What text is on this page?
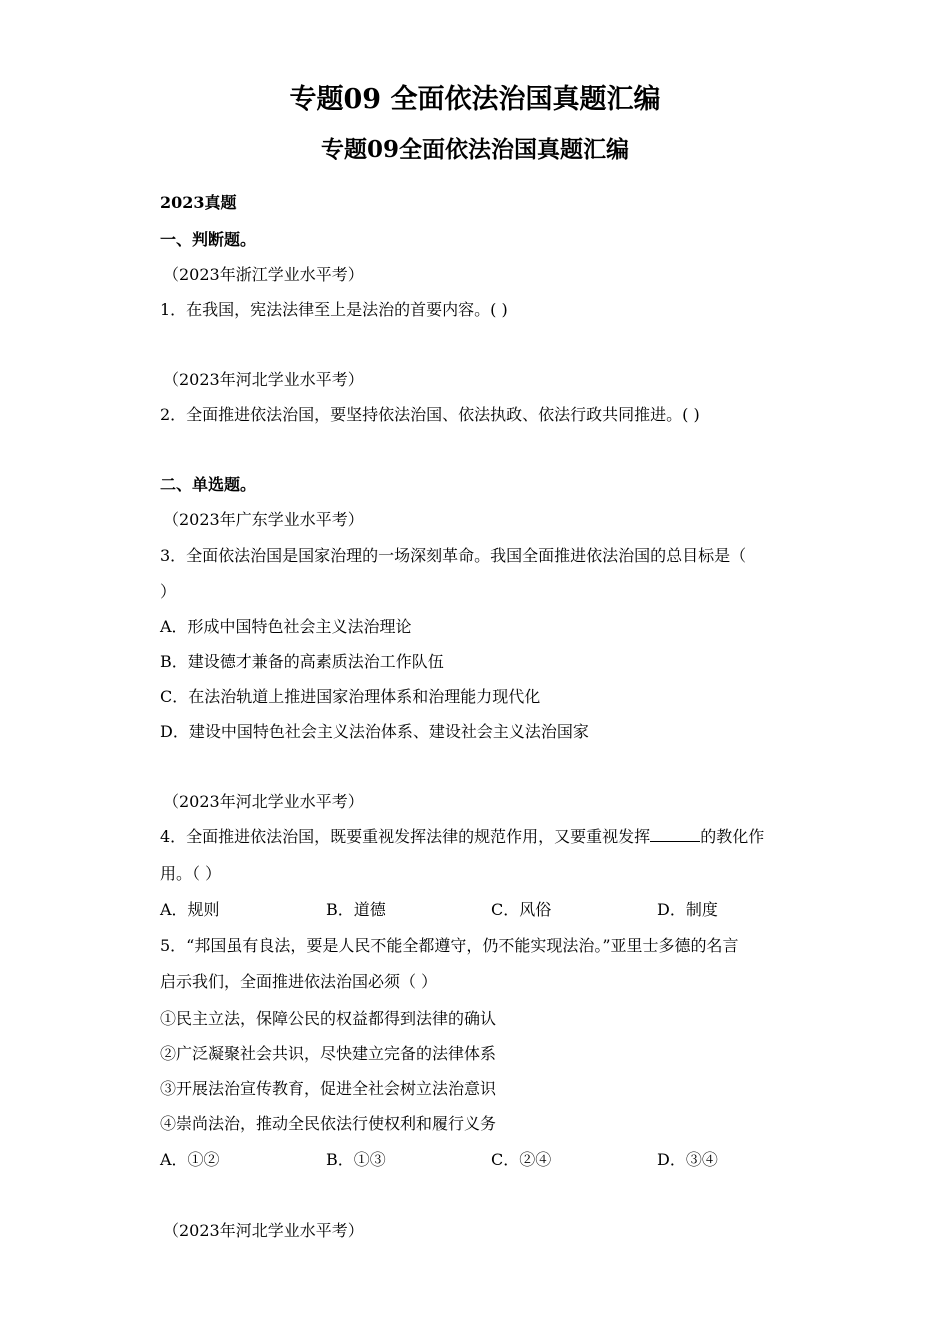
专题09 全面依法治国真题汇编
专题09全面依法治国真题汇编
2023真题
一、判断题。
（2023年浙江学业水平考）
1．在我国，宪法法律至上是法治的首要内容。( )
（2023年河北学业水平考）
2．全面推进依法治国，要坚持依法治国、依法执政、依法行政共同推进。( )
二、单选题。
（2023年广东学业水平考）
3．全面依法治国是国家治理的一场深刻革命。我国全面推进依法治国的总目标是（
）
A．形成中国特色社会主义法治理论
B．建设德才兼备的高素质法治工作队伍
C．在法治轨道上推进国家治理体系和治理能力现代化
D．建设中国特色社会主义法治体系、建设社会主义法治国家
（2023年河北学业水平考）
4．全面推进依法治国，既要重视发挥法律的规范作用，又要重视发挥	的教化作
用。（ ）
A．规则	B．道德	C．风俗	D．制度
5．“邦国虽有良法，要是人民不能全都遵守，仍不能实现法治。”亚里士多德的名言
启示我们，全面推进依法治国必须（ ）
①民主立法，保障公民的权益都得到法律的确认
②广泛凝聚社会共识，尽快建立完备的法律体系
③开展法治宣传教育，促进全社会树立法治意识
④崇尚法治，推动全民依法行使权利和履行义务
A．①②	B．①③	C．②④	D．③④
（2023年河北学业水平考）
